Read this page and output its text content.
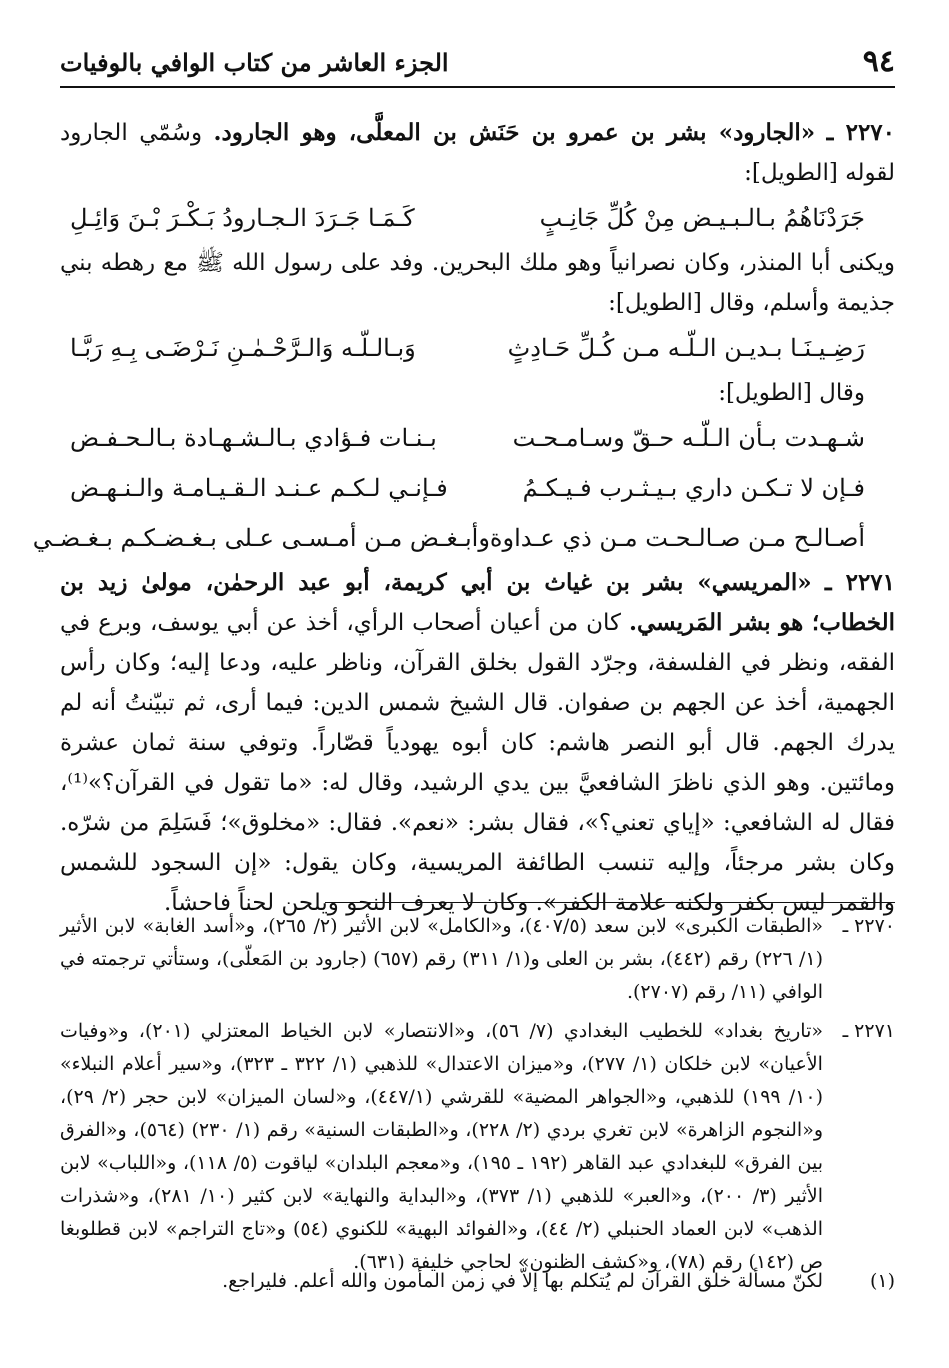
٩٤
الجزء العاشر من كتاب الوافي بالوفيات

٢٢٧٠ ـ «الجارود» بشر بن عمرو بن حَنَش بن المعلَّى، وهو الجارود. وسُمّي الجارود لقوله [الطويل]:

جَرَدْنَاهُمُ بـالـبـيـض مِنْ كُلِّ جَانِـبٍ
كَـمَـا جَـرَدَ الـجـارودُ بَـكْـرَ بْـنَ وَائِـلِ

ويكنى أبا المنذر، وكان نصرانياً وهو ملك البحرين. وفد على رسول الله ﷺ مع رهطه بني جذيمة وأسلم، وقال [الطويل]:

رَضِـيـنَـا بـديـن الـلّـه مـن كُـلِّ حَـادِثٍ
وَبـالـلّـه وَالـرَّحْـمٰـنِ نَـرْضَـى بِـهِ رَبَّـا

وقال [الطويل]:

شـهـدت بـأن الـلّـه حـقّ وسـامـحـت
بـنـات فـؤادي بـالـشـهـادة بـالـحـفـض
فـإن لا تـكـن داري بـيـثـرب فـيـكـمُ
فـإنـي لـكـم عـنـد الـقـيـامـة والـنـهـض
أصـالـح مـن صـالـحـت مـن ذي عـداوة
وأبـغـض مـن أمـسـى عـلى بـغـضـكـم بـغـضـي

٢٢٧١ ـ «المريسي» بشر بن غياث بن أبي كريمة، أبو عبد الرحمٰن، مولىٰ زيد بن الخطاب؛ هو بشر المَريسي. كان من أعيان أصحاب الرأي، أخذ عن أبي يوسف، وبرع في الفقه، ونظر في الفلسفة، وجرّد القول بخلق القرآن، وناظر عليه، ودعا إليه؛ وكان رأس الجهمية، أخذ عن الجهم بن صفوان. قال الشيخ شمس الدين: فيما أرى، ثم تبيّنتُ أنه لم يدرك الجهم. قال أبو النصر هاشم: كان أبوه يهودياً قصّاراً. وتوفي سنة ثمان عشرة ومائتين. وهو الذي ناظرَ الشافعيَّ بين يدي الرشيد، وقال له: «ما تقول في القرآن؟»⁽¹⁾، فقال له الشافعي: «إياي تعني؟»، فقال بشر: «نعم». فقال: «مخلوق»؛ فَسَلِمَ من شرّه. وكان بشر مرجئاً، وإليه تنسب الطائفة المريسية، وكان يقول: «إن السجود للشمس والقمر ليس بكفر ولكنه علامة الكفر». وكان لا يعرف النحو ويلحن لحناً فاحشاً.

٢٢٧٠ ـ
«الطبقات الكبرى» لابن سعد (٤٠٧/٥)، و«الكامل» لابن الأثير (٢/ ٢٦٥)، و«أسد الغابة» لابن الأثير (١/ ٢٢٦) رقم (٤٤٢)، بشر بن العلى و(١/ ٣١١) رقم (٦٥٧) (جارود بن المَعلّى)، وستأتي ترجمته في الوافي (١١/ رقم (٢٧٠٧).
٢٢٧١ ـ
«تاريخ بغداد» للخطيب البغدادي (٧/ ٥٦)، و«الانتصار» لابن الخياط المعتزلي (٢٠١)، و«وفيات الأعيان» لابن خلكان (١/ ٢٧٧)، و«ميزان الاعتدال» للذهبي (١/ ٣٢٢ ـ ٣٢٣)، و«سير أعلام النبلاء» (١٠/ ١٩٩) للذهبي، و«الجواهر المضية» للقرشي (٤٤٧/١)، و«لسان الميزان» لابن حجر (٢/ ٢٩)، و«النجوم الزاهرة» لابن تغري بردي (٢/ ٢٢٨)، و«الطبقات السنية» رقم (١/ ٢٣٠) (٥٦٤)، و«الفرق بين الفرق» للبغدادي عبد القاهر (١٩٢ ـ ١٩٥)، و«معجم البلدان» لياقوت (٥/ ١١٨)، و«اللباب» لابن الأثير (٣/ ٢٠٠)، و«العبر» للذهبي (١/ ٣٧٣)، و«البداية والنهاية» لابن كثير (١٠/ ٢٨١)، و«شذرات الذهب» لابن العماد الحنبلي (٢/ ٤٤)، و«الفوائد البهية» للكنوي (٥٤) و«تاج التراجم» لابن قطلوبغا ص (١٤٢) رقم (٧٨)، و«كشف الظنون» لحاجي خليفة (٦٣١).
(١)
لكنّ مسألة خلق القرآن لم يُتكلم بها إلاّ في زمن المأمون والله أعلم. فليراجع.
